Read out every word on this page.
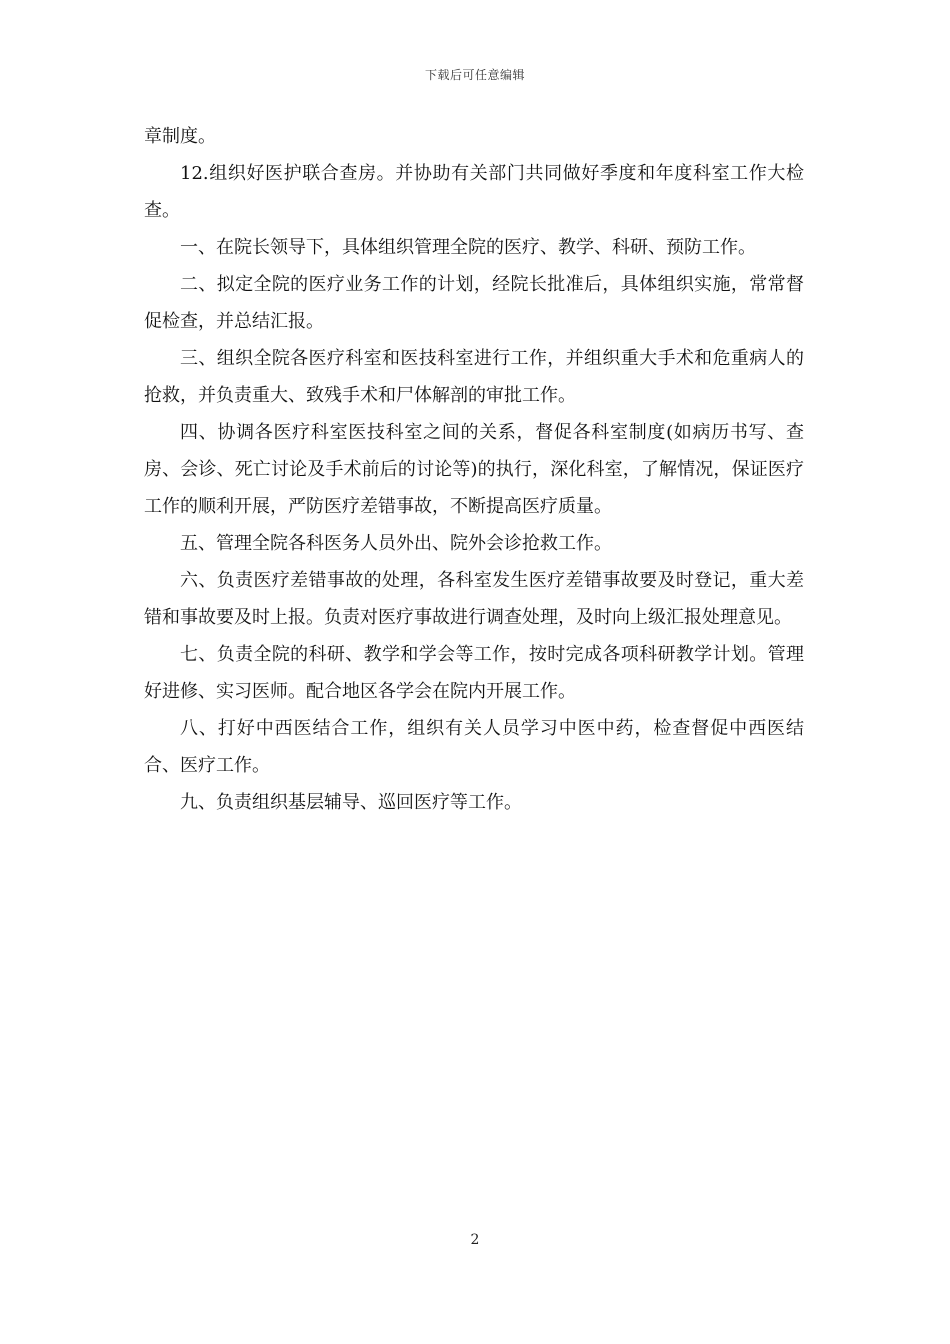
下载后可任意编辑

章制度。

12.组织好医护联合查房。并协助有关部门共同做好季度和年度科室工作大检查。

一、在院长领导下，具体组织管理全院的医疗、教学、科研、预防工作。

二、拟定全院的医疗业务工作的计划，经院长批准后，具体组织实施，常常督促检查，并总结汇报。

三、组织全院各医疗科室和医技科室进行工作，并组织重大手术和危重病人的抢救，并负责重大、致残手术和尸体解剖的审批工作。

四、协调各医疗科室医技科室之间的关系，督促各科室制度(如病历书写、查房、会诊、死亡讨论及手术前后的讨论等)的执行，深化科室，了解情况，保证医疗工作的顺利开展，严防医疗差错事故，不断提高医疗质量。

五、管理全院各科医务人员外出、院外会诊抢救工作。

六、负责医疗差错事故的处理，各科室发生医疗差错事故要及时登记，重大差错和事故要及时上报。负责对医疗事故进行调查处理，及时向上级汇报处理意见。

七、负责全院的科研、教学和学会等工作，按时完成各项科研教学计划。管理好进修、实习医师。配合地区各学会在院内开展工作。

八、打好中西医结合工作，组织有关人员学习中医中药，检查督促中西医结合、医疗工作。

九、负责组织基层辅导、巡回医疗等工作。

2
